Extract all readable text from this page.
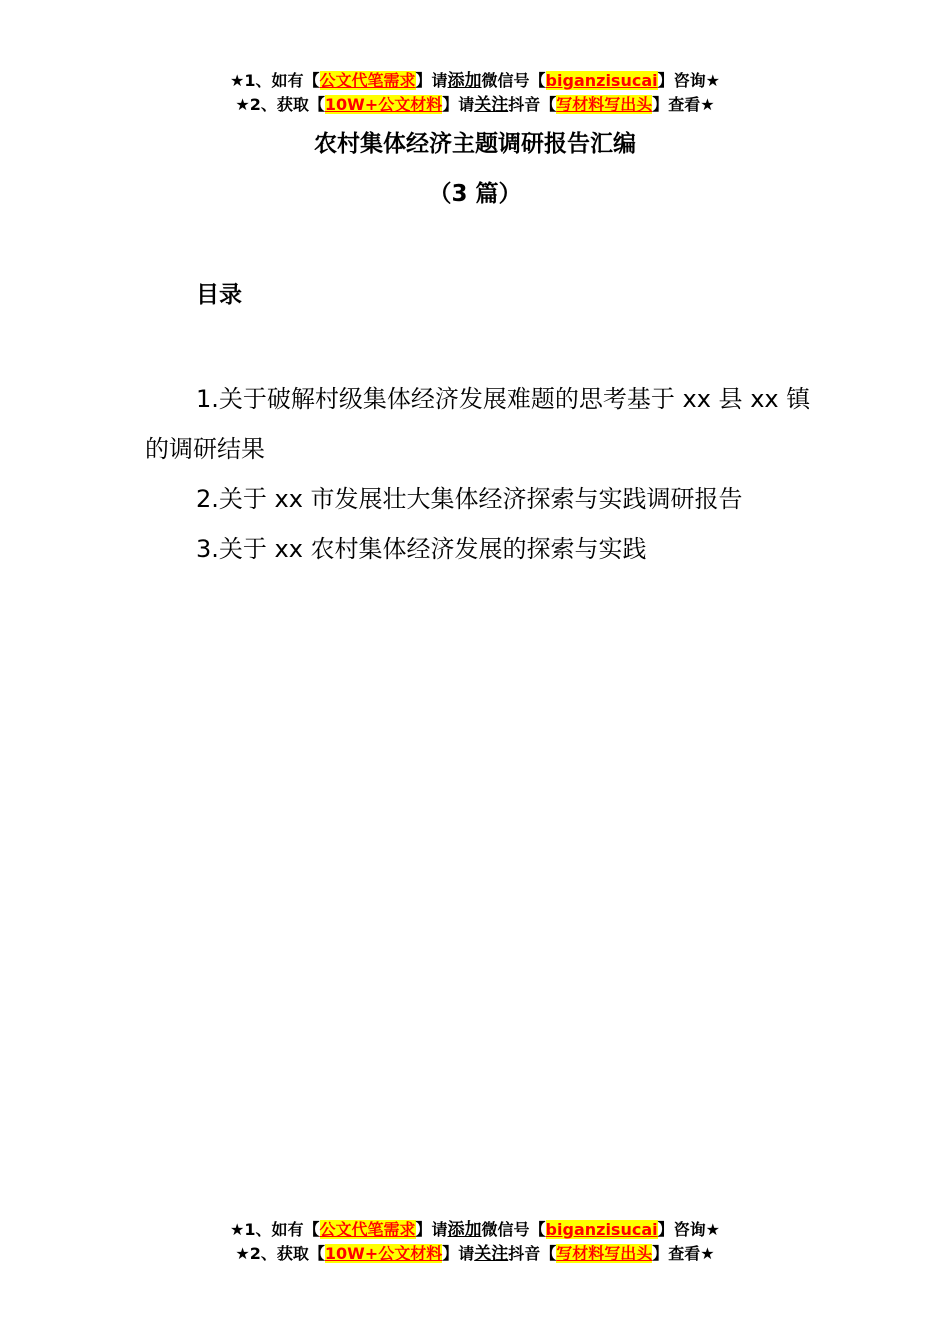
★1、如有【公文代笔需求】请添加微信号【biganzisucai】咨询★
★2、获取【10W+公文材料】请关注抖音【写材料写出头】查看★
农村集体经济主题调研报告汇编
（3 篇）
目录

1.关于破解村级集体经济发展难题的思考基于 xx 县 xx 镇的调研结果

2.关于 xx 市发展壮大集体经济探索与实践调研报告

3.关于 xx 农村集体经济发展的探索与实践

★1、如有【公文代笔需求】请添加微信号【biganzisucai】咨询★
★2、获取【10W+公文材料】请关注抖音【写材料写出头】查看★
